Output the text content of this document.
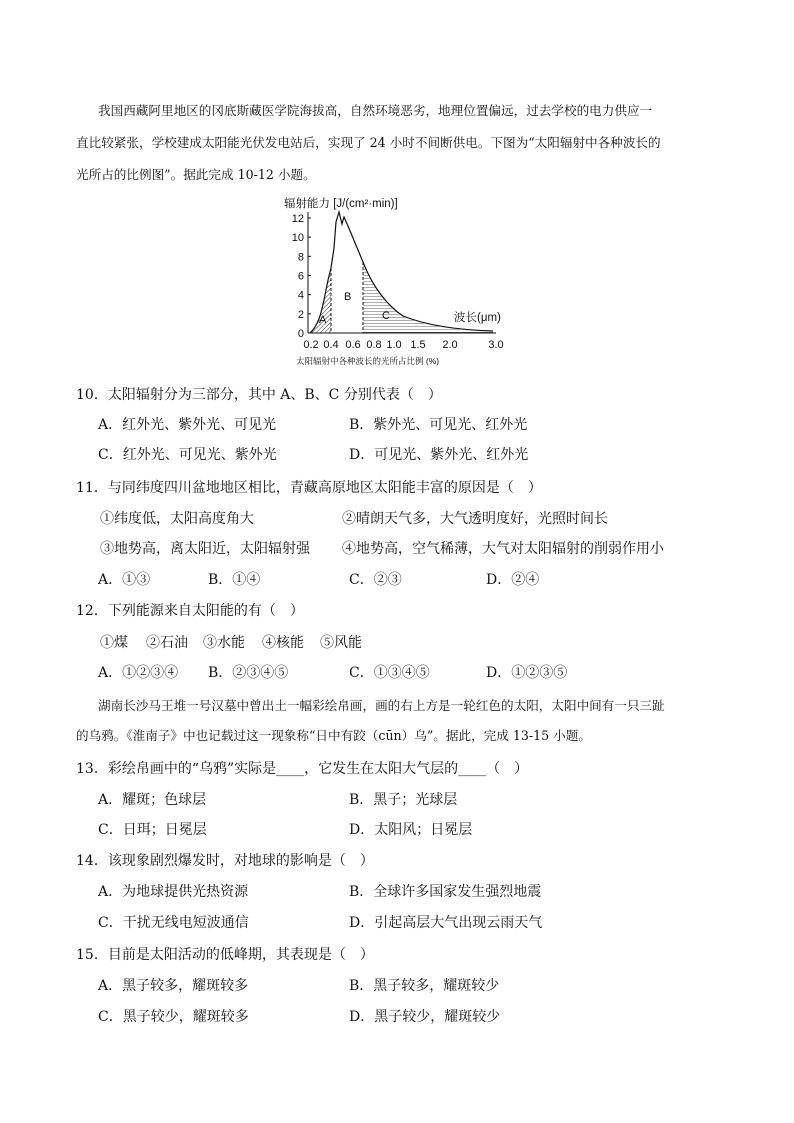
我国西藏阿里地区的冈底斯藏医学院海拔高，自然环境恶劣，地理位置偏远，过去学校的电力供应一
直比较紧张，学校建成太阳能光伏发电站后，实现了 24 小时不间断供电。下图为“太阳辐射中各种波长的
光所占的比例图”。据此完成 10-12 小题。
辐射能力 [J/(cm²·min)]
12
10
8
6
4
2
0
0.2 0.4 0.6 0.8 1.0 1.5 2.0	3.0
A
B
C	波长(μm)
太阳辐射中各种波长的光所占比例 (%)
10．太阳辐射分为三部分，其中 A、B、C 分别代表（　）
A．红外光、紫外光、可见光	B．紫外光、可见光、红外光
C．红外光、可见光、紫外光	D．可见光、紫外光、红外光
11．与同纬度四川盆地地区相比，青藏高原地区太阳能丰富的原因是（　）
①纬度低，太阳高度角大	②晴朗天气多，大气透明度好，光照时间长
③地势高，离太阳近，太阳辐射强 ④地势高，空气稀薄，大气对太阳辐射的削弱作用小
A．①③	B．①④	C．②③	D．②④
12．下列能源来自太阳能的有（　）
①煤 ②石油 ③水能 ④核能 ⑤风能
A．①②③④ B．②③④⑤	C．①③④⑤	D．①②③⑤
湖南长沙马王堆一号汉墓中曾出土一幅彩绘帛画，画的右上方是一轮红色的太阳，太阳中间有一只三趾
的乌鸦。《淮南子》中也记载过这一现象称“日中有跤（cūn）乌”。据此，完成 13-15 小题。
13．彩绘帛画中的“乌鸦”实际是____，它发生在太阳大气层的____（　）
A．耀斑；色球层	B．黑子；光球层
C．日珥；日冕层	D．太阳风；日冕层
14．该现象剧烈爆发时，对地球的影响是（　）
A．为地球提供光热资源	B．全球许多国家发生强烈地震
C．干扰无线电短波通信	D．引起高层大气出现云雨天气
15．目前是太阳活动的低峰期，其表现是（　）
A．黑子较多，耀斑较多	B．黑子较多，耀斑较少
C．黑子较少，耀斑较多	D．黑子较少，耀斑较少
